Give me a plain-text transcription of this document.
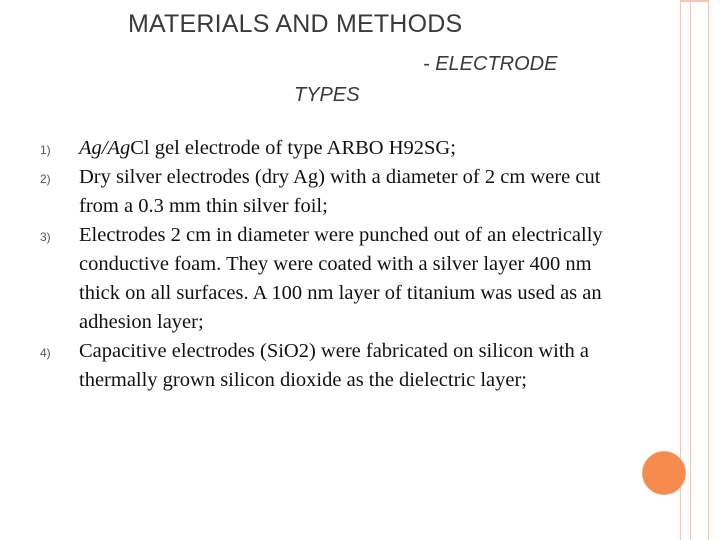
MATERIALS AND METHODS
- ELECTRODE
TYPES
1) Ag/AgCl gel electrode of type ARBO H92SG;
2) Dry silver electrodes (dry Ag) with a diameter of 2 cm were cut from a 0.3 mm thin silver foil;
3) Electrodes 2 cm in diameter were punched out of an electrically conductive foam. They were coated with a silver layer 400 nm thick on all surfaces. A 100 nm layer of titanium was used as an adhesion layer;
4) Capacitive electrodes (SiO2) were fabricated on silicon with a thermally grown silicon dioxide as the dielectric layer;
